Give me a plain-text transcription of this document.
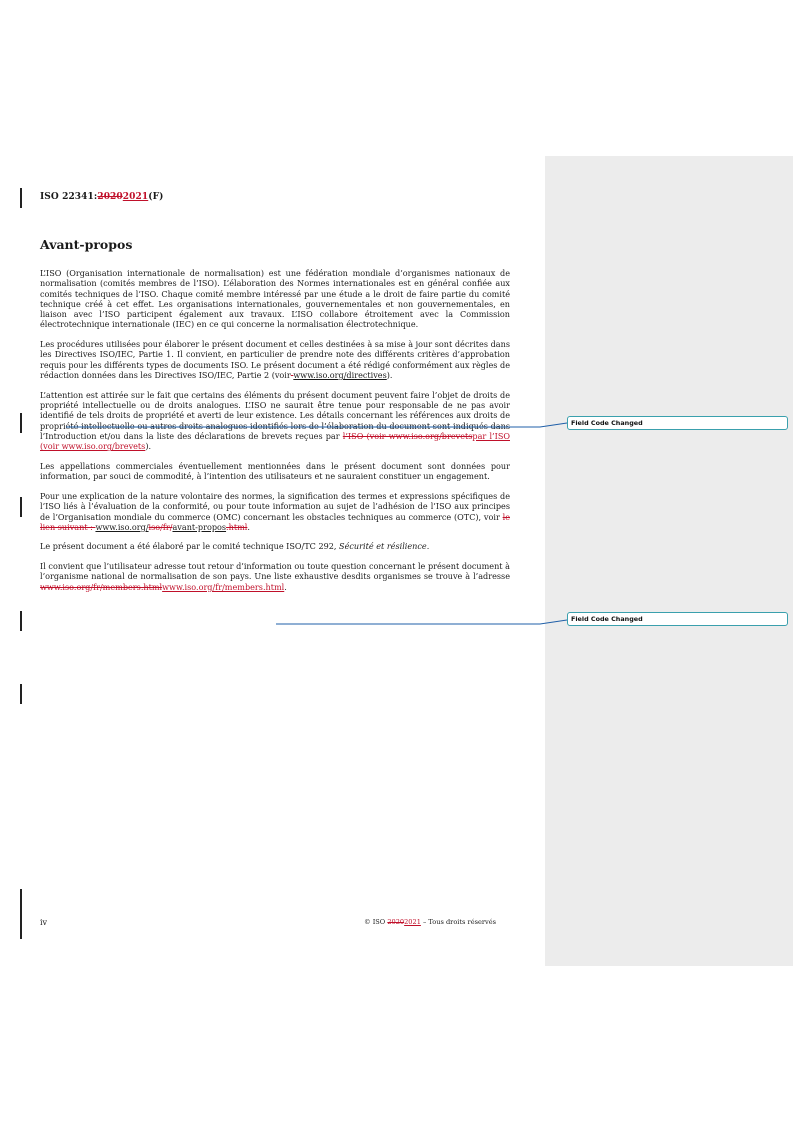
ISO 22341:20202021(F)
Avant-propos

L’ISO (Organisation internationale de normalisation) est une fédération mondiale d’organismes nationaux de normalisation (comités membres de l’ISO). L’élaboration des Normes internationales est en général confiée aux comités techniques de l’ISO. Chaque comité membre intéressé par une étude a le droit de faire partie du comité technique créé à cet effet. Les organisations internationales, gouvernementales et non gouvernementales, en liaison avec l’ISO participent également aux travaux. L’ISO collabore étroitement avec la Commission électrotechnique internationale (IEC) en ce qui concerne la normalisation électrotechnique.

Les procédures utilisées pour élaborer le présent document et celles destinées à sa mise à jour sont décrites dans les Directives ISO/IEC, Partie 1. Il convient, en particulier de prendre note des différents critères d’approbation requis pour les différents types de documents ISO. Le présent document a été rédigé conformément aux règles de rédaction données dans les Directives ISO/IEC, Partie 2 (voir www.iso.org/directives).

L’attention est attirée sur le fait que certains des éléments du présent document peuvent faire l’objet de droits de propriété intellectuelle ou de droits analogues. L’ISO ne saurait être tenue pour responsable de ne pas avoir identifié de tels droits de propriété et averti de leur existence. Les détails concernant les références aux droits de propriété intellectuelle ou autres droits analogues identifiés lors de l’élaboration du document sont indiqués dans l’Introduction et/ou dans la liste des déclarations de brevets reçues par l’ISO (voir www.iso.org/brevetspar l’ISO (voir www.iso.org/brevets).

Les appellations commerciales éventuellement mentionnées dans le présent document sont données pour information, par souci de commodité, à l’intention des utilisateurs et ne sauraient constituer un engagement.

Pour une explication de la nature volontaire des normes, la signification des termes et expressions spécifiques de l’ISO liés à l’évaluation de la conformité, ou pour toute information au sujet de l’adhésion de l’ISO aux principes de l’Organisation mondiale du commerce (OMC) concernant les obstacles techniques au commerce (OTC), voir le lien suivant : www.iso.org/iso/fr/avant-propos.html.

Le présent document a été élaboré par le comité technique ISO/TC 292, Sécurité et résilience.

Il convient que l’utilisateur adresse tout retour d’information ou toute question concernant le présent document à l’organisme national de normalisation de son pays. Une liste exhaustive desdits organismes se trouve à l’adresse www.iso.org/fr/members.htmlwww.iso.org/fr/members.html.

iv	© ISO 20202021 – Tous droits réservés
Field Code Changed
Field Code Changed
